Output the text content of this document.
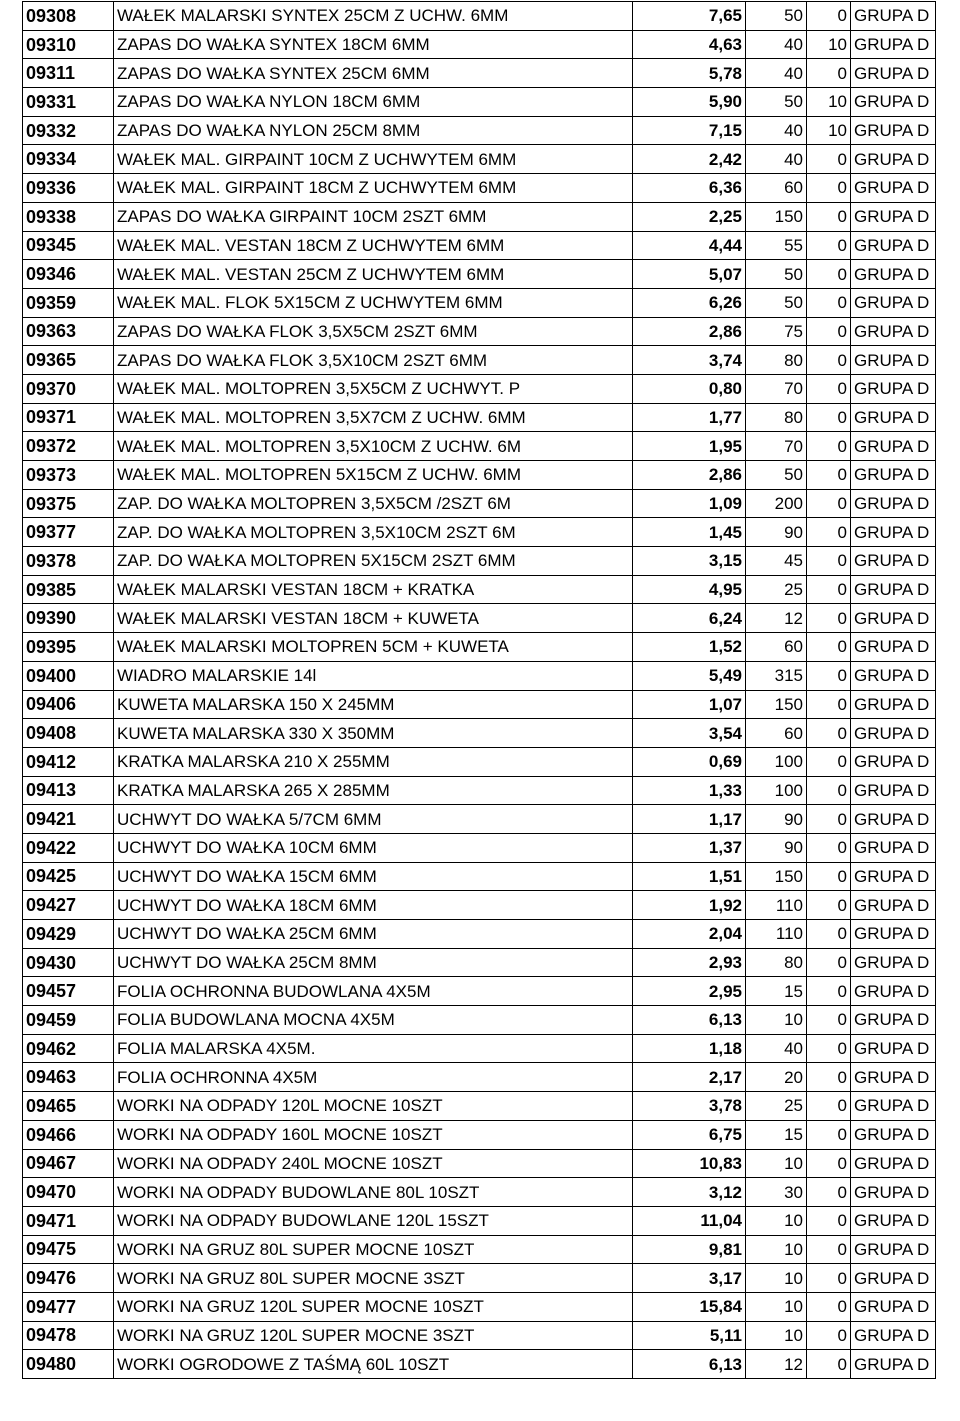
09308	WAŁEK MALARSKI SYNTEX 25CM Z UCHW. 6MM	7,65	50	0	GRUPA D
09310	ZAPAS DO WAŁKA SYNTEX 18CM 6MM	4,63	40	10	GRUPA D
09311	ZAPAS DO WAŁKA SYNTEX 25CM 6MM	5,78	40	0	GRUPA D
09331	ZAPAS DO WAŁKA NYLON 18CM 6MM	5,90	50	10	GRUPA D
09332	ZAPAS DO WAŁKA NYLON 25CM 8MM	7,15	40	10	GRUPA D
09334	WAŁEK MAL. GIRPAINT 10CM Z UCHWYTEM 6MM	2,42	40	0	GRUPA D
09336	WAŁEK MAL. GIRPAINT 18CM Z UCHWYTEM 6MM	6,36	60	0	GRUPA D
09338	ZAPAS DO WAŁKA GIRPAINT 10CM 2SZT 6MM	2,25	150	0	GRUPA D
09345	WAŁEK MAL. VESTAN 18CM Z UCHWYTEM 6MM	4,44	55	0	GRUPA D
09346	WAŁEK MAL. VESTAN 25CM Z UCHWYTEM 6MM	5,07	50	0	GRUPA D
09359	WAŁEK MAL. FLOK 5X15CM Z UCHWYTEM 6MM	6,26	50	0	GRUPA D
09363	ZAPAS DO WAŁKA FLOK 3,5X5CM 2SZT 6MM	2,86	75	0	GRUPA D
09365	ZAPAS DO WAŁKA FLOK 3,5X10CM 2SZT 6MM	3,74	80	0	GRUPA D
09370	WAŁEK MAL. MOLTOPREN 3,5X5CM Z UCHWYT. P	0,80	70	0	GRUPA D
09371	WAŁEK MAL. MOLTOPREN 3,5X7CM Z UCHW. 6MM	1,77	80	0	GRUPA D
09372	WAŁEK MAL. MOLTOPREN 3,5X10CM Z UCHW. 6M	1,95	70	0	GRUPA D
09373	WAŁEK MAL. MOLTOPREN 5X15CM Z UCHW. 6MM	2,86	50	0	GRUPA D
09375	ZAP. DO WAŁKA MOLTOPREN 3,5X5CM /2SZT 6M	1,09	200	0	GRUPA D
09377	ZAP. DO WAŁKA MOLTOPREN 3,5X10CM 2SZT 6M	1,45	90	0	GRUPA D
09378	ZAP. DO WAŁKA MOLTOPREN 5X15CM 2SZT 6MM	3,15	45	0	GRUPA D
09385	WAŁEK MALARSKI VESTAN 18CM + KRATKA	4,95	25	0	GRUPA D
09390	WAŁEK MALARSKI VESTAN 18CM + KUWETA	6,24	12	0	GRUPA D
09395	WAŁEK MALARSKI MOLTOPREN 5CM + KUWETA	1,52	60	0	GRUPA D
09400	WIADRO MALARSKIE 14l	5,49	315	0	GRUPA D
09406	KUWETA MALARSKA 150 X 245MM	1,07	150	0	GRUPA D
09408	KUWETA MALARSKA 330 X 350MM	3,54	60	0	GRUPA D
09412	KRATKA MALARSKA 210 X 255MM	0,69	100	0	GRUPA D
09413	KRATKA MALARSKA 265 X 285MM	1,33	100	0	GRUPA D
09421	UCHWYT DO WAŁKA 5/7CM 6MM	1,17	90	0	GRUPA D
09422	UCHWYT DO WAŁKA 10CM 6MM	1,37	90	0	GRUPA D
09425	UCHWYT DO WAŁKA 15CM 6MM	1,51	150	0	GRUPA D
09427	UCHWYT DO WAŁKA 18CM 6MM	1,92	110	0	GRUPA D
09429	UCHWYT DO WAŁKA 25CM 6MM	2,04	110	0	GRUPA D
09430	UCHWYT DO WAŁKA 25CM 8MM	2,93	80	0	GRUPA D
09457	FOLIA OCHRONNA BUDOWLANA 4X5M	2,95	15	0	GRUPA D
09459	FOLIA BUDOWLANA MOCNA 4X5M	6,13	10	0	GRUPA D
09462	FOLIA MALARSKA 4X5M.	1,18	40	0	GRUPA D
09463	FOLIA OCHRONNA 4X5M	2,17	20	0	GRUPA D
09465	WORKI NA ODPADY 120L MOCNE 10SZT	3,78	25	0	GRUPA D
09466	WORKI NA ODPADY 160L MOCNE 10SZT	6,75	15	0	GRUPA D
09467	WORKI NA ODPADY 240L MOCNE 10SZT	10,83	10	0	GRUPA D
09470	WORKI NA ODPADY BUDOWLANE 80L 10SZT	3,12	30	0	GRUPA D
09471	WORKI NA ODPADY BUDOWLANE 120L 15SZT	11,04	10	0	GRUPA D
09475	WORKI NA GRUZ 80L SUPER MOCNE 10SZT	9,81	10	0	GRUPA D
09476	WORKI NA GRUZ 80L SUPER MOCNE 3SZT	3,17	10	0	GRUPA D
09477	WORKI NA GRUZ 120L SUPER MOCNE 10SZT	15,84	10	0	GRUPA D
09478	WORKI NA GRUZ 120L SUPER MOCNE 3SZT	5,11	10	0	GRUPA D
09480	WORKI OGRODOWE Z TAŚMĄ 60L 10SZT	6,13	12	0	GRUPA D
